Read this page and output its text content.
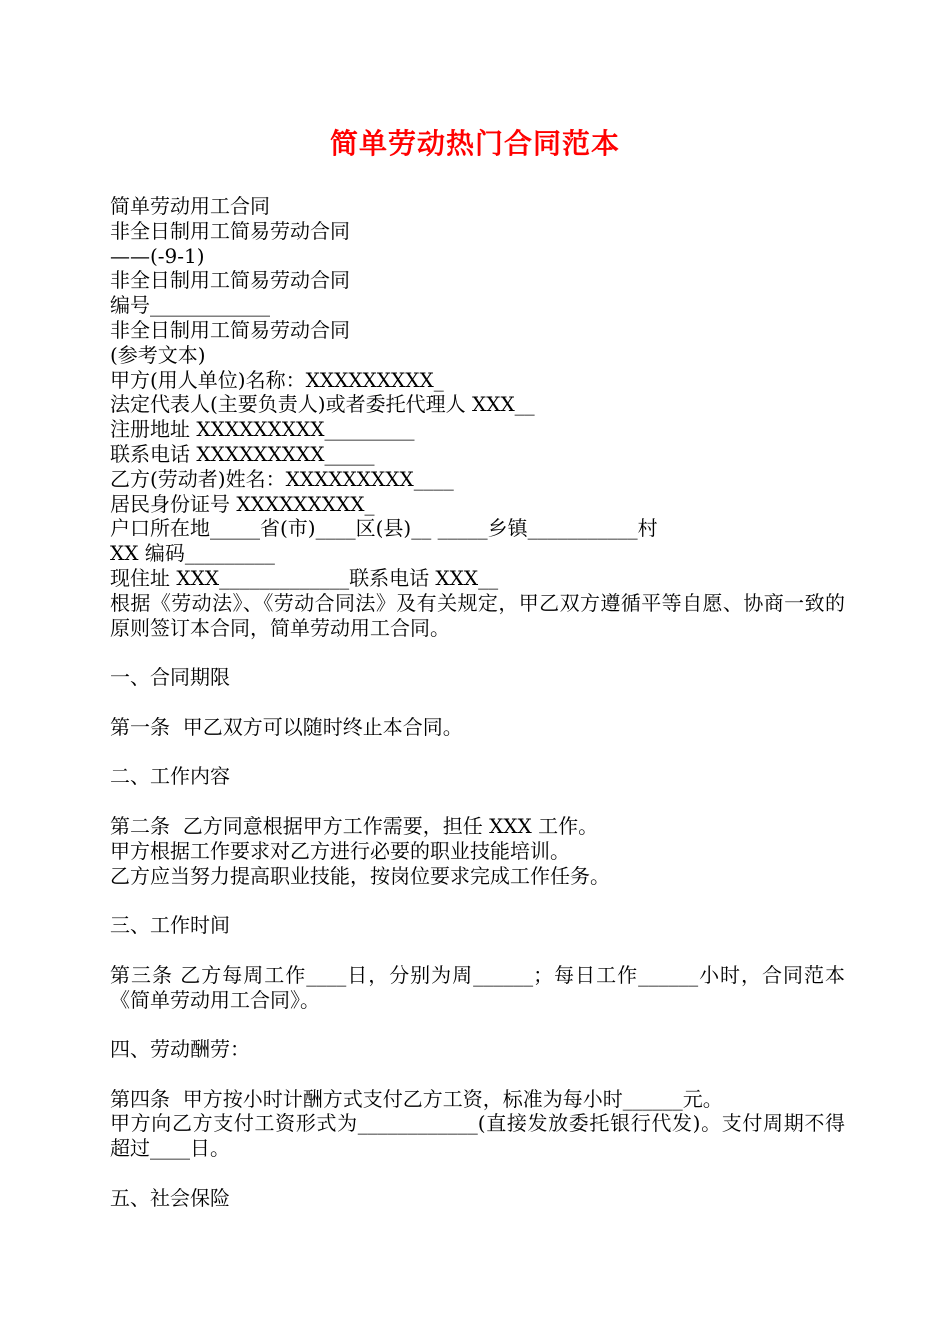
简单劳动热门合同范本
简单劳动用工合同
非全日制用工简易劳动合同
——(-9-1)
非全日制用工简易劳动合同
编号____________
非全日制用工简易劳动合同
(参考文本)
甲方(用人单位)名称：XXXXXXXXX_
法定代表人(主要负责人)或者委托代理人 XXX__
注册地址 XXXXXXXXX_________
联系电话 XXXXXXXXX_____
乙方(劳动者)姓名：XXXXXXXXX____
居民身份证号 XXXXXXXXX_
户口所在地_____省(市)____区(县)__ _____乡镇___________村
XX 编码_________
现住址 XXX_____________联系电话 XXX__
根据《劳动法》、《劳动合同法》及有关规定，甲乙双方遵循平等自愿、协商一致的原则签订本合同，简单劳动用工合同。
一、合同期限
第一条  甲乙双方可以随时终止本合同。
二、工作内容
第二条  乙方同意根据甲方工作需要，担任 XXX 工作。
甲方根据工作要求对乙方进行必要的职业技能培训。
乙方应当努力提高职业技能，按岗位要求完成工作任务。
三、工作时间
第三条 乙方每周工作____日，分别为周______；每日工作______小时，合同范本《简单劳动用工合同》。
四、劳动酬劳：
第四条  甲方按小时计酬方式支付乙方工资，标准为每小时______元。
甲方向乙方支付工资形式为____________(直接发放委托银行代发)。支付周期不得超过____日。
五、社会保险
